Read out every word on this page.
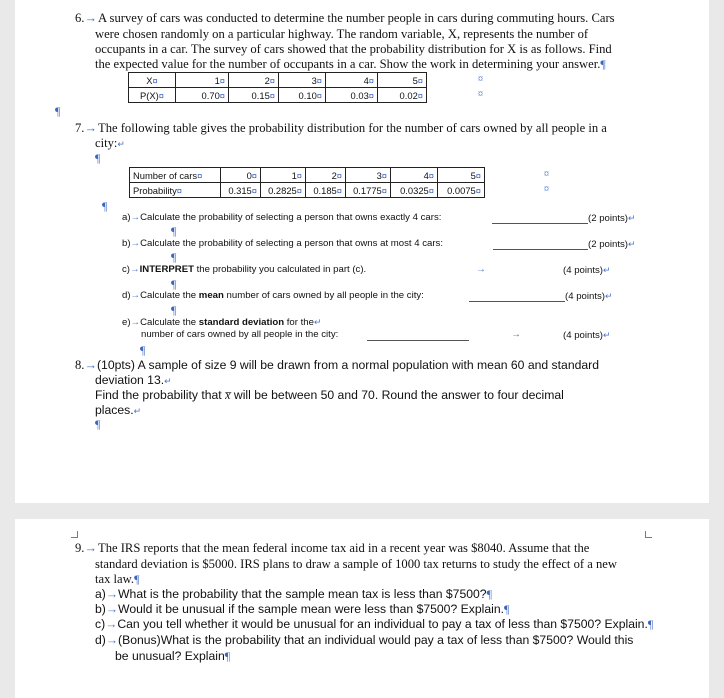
6.→ A survey of cars was conducted to determine the number people in cars during commuting hours. Cars
were chosen randomly on a particular highway. The random variable, X, represents the number of
occupants in a car. The survey of cars showed that the probability distribution for X is as follows. Find
the expected value for the number of occupants in a car. Show the work in determining your answer.¶
X¤	1¤	2¤	3¤	4¤	5¤
P(X)¤	0.70¤	0.15¤	0.10¤	0.03¤	0.02¤
¤
¤
¶
7.→ The following table gives the probability distribution for the number of cars owned by all people in a
city:↵
¶
Number of cars¤	0¤	1¤	2¤	3¤	4¤	5¤
Probability¤	0.315¤	0.2825¤	0.185¤	0.1775¤	0.0325¤	0.0075¤
¤
¤
¶
a)→Calculate the probability of selecting a person that owns exactly 4 cars:	(2 points)↵
¶
b)→Calculate the probability of selecting a person that owns at most 4 cars:	(2 points)↵
¶
c)→INTERPRET the probability you calculated in part (c).	→	(4 points)↵
¶
d)→Calculate the mean number of cars owned by all people in the city:	(4 points)↵
¶
e)→Calculate the standard deviation for the↵
number of cars owned by all people in the city:	→	(4 points)↵
¶
8.→ (10pts) A sample of size 9 will be drawn from a normal population with mean 60 and standard
deviation 13.↵
Find the probability that x̅ will be between 50 and 70. Round the answer to four decimal
places.↵
¶
9.→ The IRS reports that the mean federal income tax aid in a recent year was $8040. Assume that the
standard deviation is $5000. IRS plans to draw a sample of 1000 tax returns to study the effect of a new
tax law.¶
a)→What is the probability that the sample mean tax is less than $7500?¶
b)→Would it be unusual if the sample mean were less than $7500? Explain.¶
c)→Can you tell whether it would be unusual for an individual to pay a tax of less than $7500? Explain.¶
d)→(Bonus)What is the probability that an individual would pay a tax of less than $7500? Would this
be unusual? Explain¶
